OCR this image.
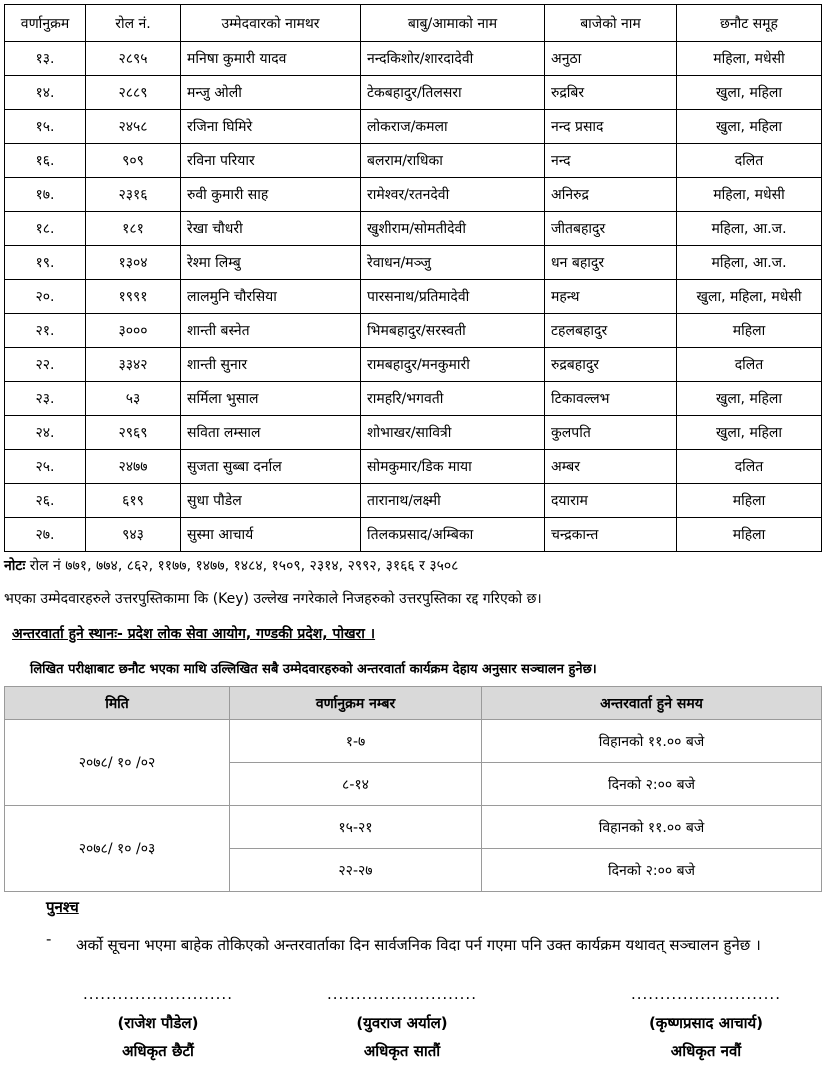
वर्णानुक्रम	रोल नं.	उम्मेदवारको नामथर	बाबु/आमाको नाम	बाजेको नाम	छनौट समूह
१३.	२८९५	मनिषा कुमारी यादव	नन्दकिशोर/शारदादेवी	अनुठा	महिला, मधेसी
१४.	२८८९	मन्जु ओली	टेकबहादुर/तिलसरा	रुद्रबिर	खुला, महिला
१५.	२४५८	रजिना घिमिरे	लोकराज/कमला	नन्द प्रसाद	खुला, महिला
१६.	९०९	रविना परियार	बलराम/राधिका	नन्द	दलित
१७.	२३१६	रुवी कुमारी साह	रामेश्वर/रतनदेवी	अनिरुद्र	महिला, मधेसी
१८.	१८१	रेखा चौधरी	खुशीराम/सोमतीदेवी	जीतबहादुर	महिला, आ.ज.
१९.	१३०४	रेश्मा लिम्बु	रेवाधन/मञ्जु	धन बहादुर	महिला, आ.ज.
२०.	१९९१	लालमुनि चौरसिया	पारसनाथ/प्रतिमादेवी	महन्थ	खुला, महिला, मधेसी
२१.	३०००	शान्ती बस्नेत	भिमबहादुर/सरस्वती	टहलबहादुर	महिला
२२.	३३४२	शान्ती सुनार	रामबहादुर/मनकुमारी	रुद्रबहादुर	दलित
२३.	५३	सर्मिला भुसाल	रामहरि/भगवती	टिकावल्लभ	खुला, महिला
२४.	२९६९	सविता लम्साल	शोभाखर/सावित्री	कुलपति	खुला, महिला
२५.	२४७७	सुजता सुब्बा दर्नाल	सोमकुमार/डिक माया	अम्बर	दलित
२६.	६१९	सुधा पौडेल	तारानाथ/लक्ष्मी	दयाराम	महिला
२७.	९४३	सुस्मा आचार्य	तिलकप्रसाद/अम्बिका	चन्द्रकान्त	महिला
नोटः रोल नं ७७१, ७७४, ८६२, ११७७, १४७७, १४८४, १५०९, २३१४, २९९२, ३१६६ र ३५०८
भएका उम्मेदवारहरुले उत्तरपुस्तिकामा कि (Key) उल्लेख नगरेकाले निजहरुको उत्तरपुस्तिका रद्द गरिएको छ।
अन्तरवार्ता हुने स्थानः- प्रदेश लोक सेवा आयोग, गण्डकी प्रदेश, पोखरा ।
लिखित परीक्षाबाट छनौट भएका माथि उल्लिखित सबै उम्मेदवारहरुको अन्तरवार्ता कार्यक्रम देहाय अनुसार सञ्चालन हुनेछ।
मिति	वर्णानुक्रम नम्बर	अन्तरवार्ता हुने समय
२०७८/ १० /०२	१-७	विहानको ११.०० बजे
	८-१४	दिनको २:०० बजे
२०७८/ १० /०३	१५-२१	विहानको ११.०० बजे
	२२-२७	दिनको २:०० बजे
पुनश्च
- अर्को सूचना भएमा बाहेक तोकिएको अन्तरवार्ताका दिन सार्वजनिक विदा पर्न गएमा पनि उक्त कार्यक्रम यथावत् सञ्चालन हुनेछ ।
..........................
(राजेश पौडेल)
अधिकृत छैटौं
..........................
(युवराज अर्याल)
अधिकृत सातौं
..........................
(कृष्णप्रसाद आचार्य)
अधिकृत नवौं
